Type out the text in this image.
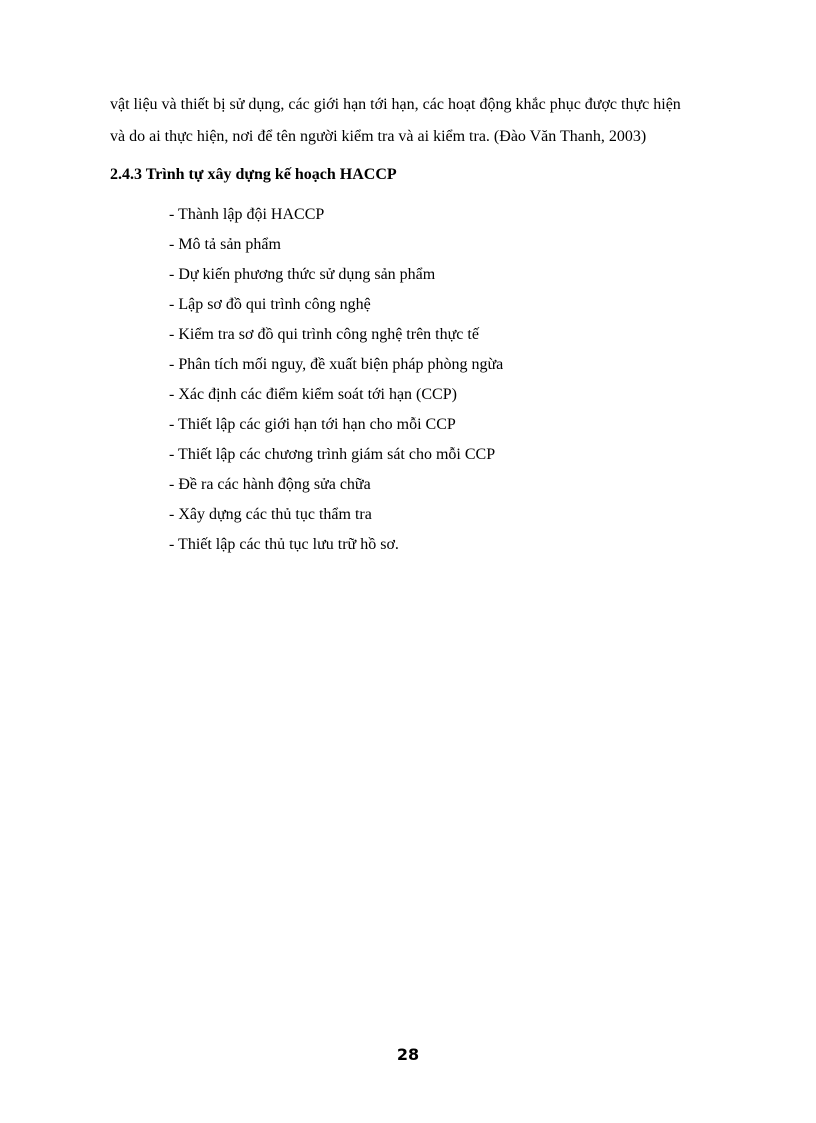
vật liệu và thiết bị sử dụng, các giới hạn tới hạn, các hoạt động khắc phục được thực hiện
và do ai thực hiện, nơi để tên người kiểm tra và ai kiểm tra. (Đào Văn Thanh, 2003)
2.4.3 Trình tự xây dựng kế hoạch HACCP
- Thành lập đội HACCP
- Mô tả sản phẩm
- Dự kiến phương thức sử dụng sản phẩm
- Lập sơ đồ qui trình công nghệ
- Kiểm tra sơ đồ qui trình công nghệ trên thực tế
- Phân tích mối nguy, đề xuất biện pháp phòng ngừa
- Xác định các điểm kiểm soát tới hạn (CCP)
- Thiết lập các giới hạn tới hạn cho mỗi CCP
- Thiết lập các chương trình giám sát cho mỗi CCP
- Đề ra các hành động sửa chữa
- Xây dựng các thủ tục thẩm tra
- Thiết lập các thủ tục lưu trữ hồ sơ.
28
